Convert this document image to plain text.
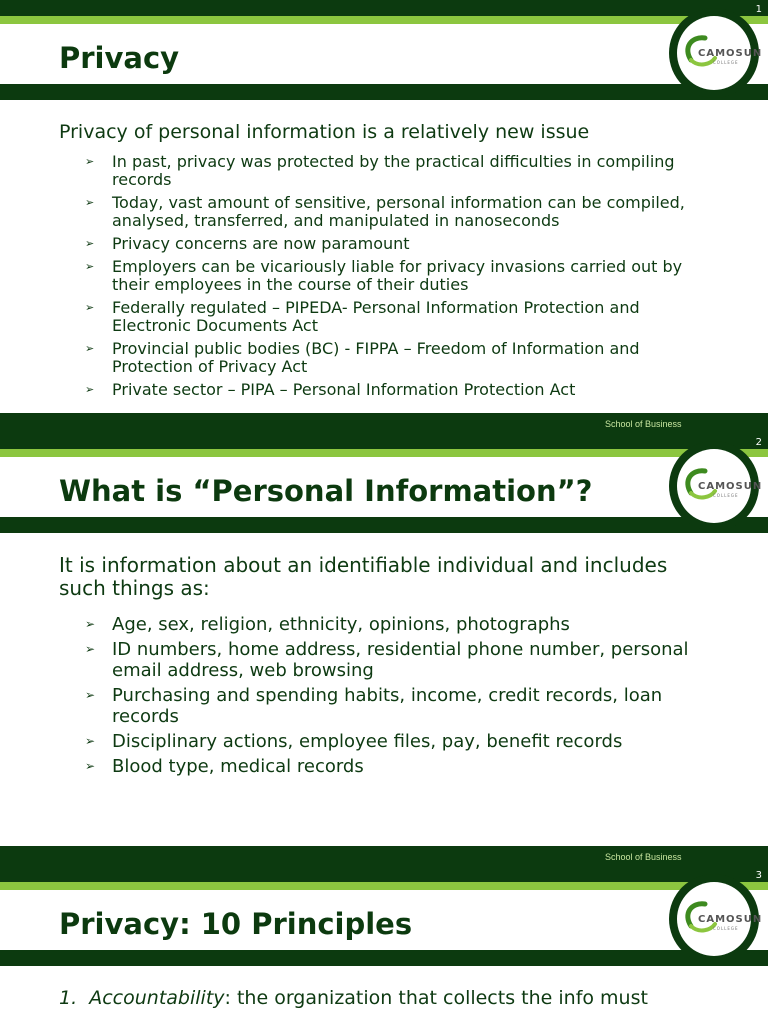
1
Privacy	CAMOSUN
COLLEGE

Privacy of personal information is a relatively new issue

➢ In past, privacy was protected by the practical difficulties in compiling records
➢ Today, vast amount of sensitive, personal information can be compiled, analysed, transferred, and manipulated in nanoseconds
➢ Privacy concerns are now paramount
➢ Employers can be vicariously liable for privacy invasions carried out by their employees in the course of their duties
➢ Federally regulated – PIPEDA- Personal Information Protection and Electronic Documents Act
➢ Provincial public bodies (BC) - FIPPA – Freedom of Information and Protection of Privacy Act
➢ Private sector – PIPA – Personal Information Protection Act
School of Business
2
What is “Personal Information”?	CAMOSUN
COLLEGE

It is information about an identifiable individual and includes such things as:

➢ Age, sex, religion, ethnicity, opinions, photographs
➢ ID numbers, home address, residential phone number, personal email address, web browsing
➢ Purchasing and spending habits, income, credit records, loan records
➢ Disciplinary actions, employee files, pay, benefit records
➢ Blood type, medical records
School of Business
3
Privacy: 10 Principles	CAMOSUN
COLLEGE

1. Accountability: the organization that collects the info must
